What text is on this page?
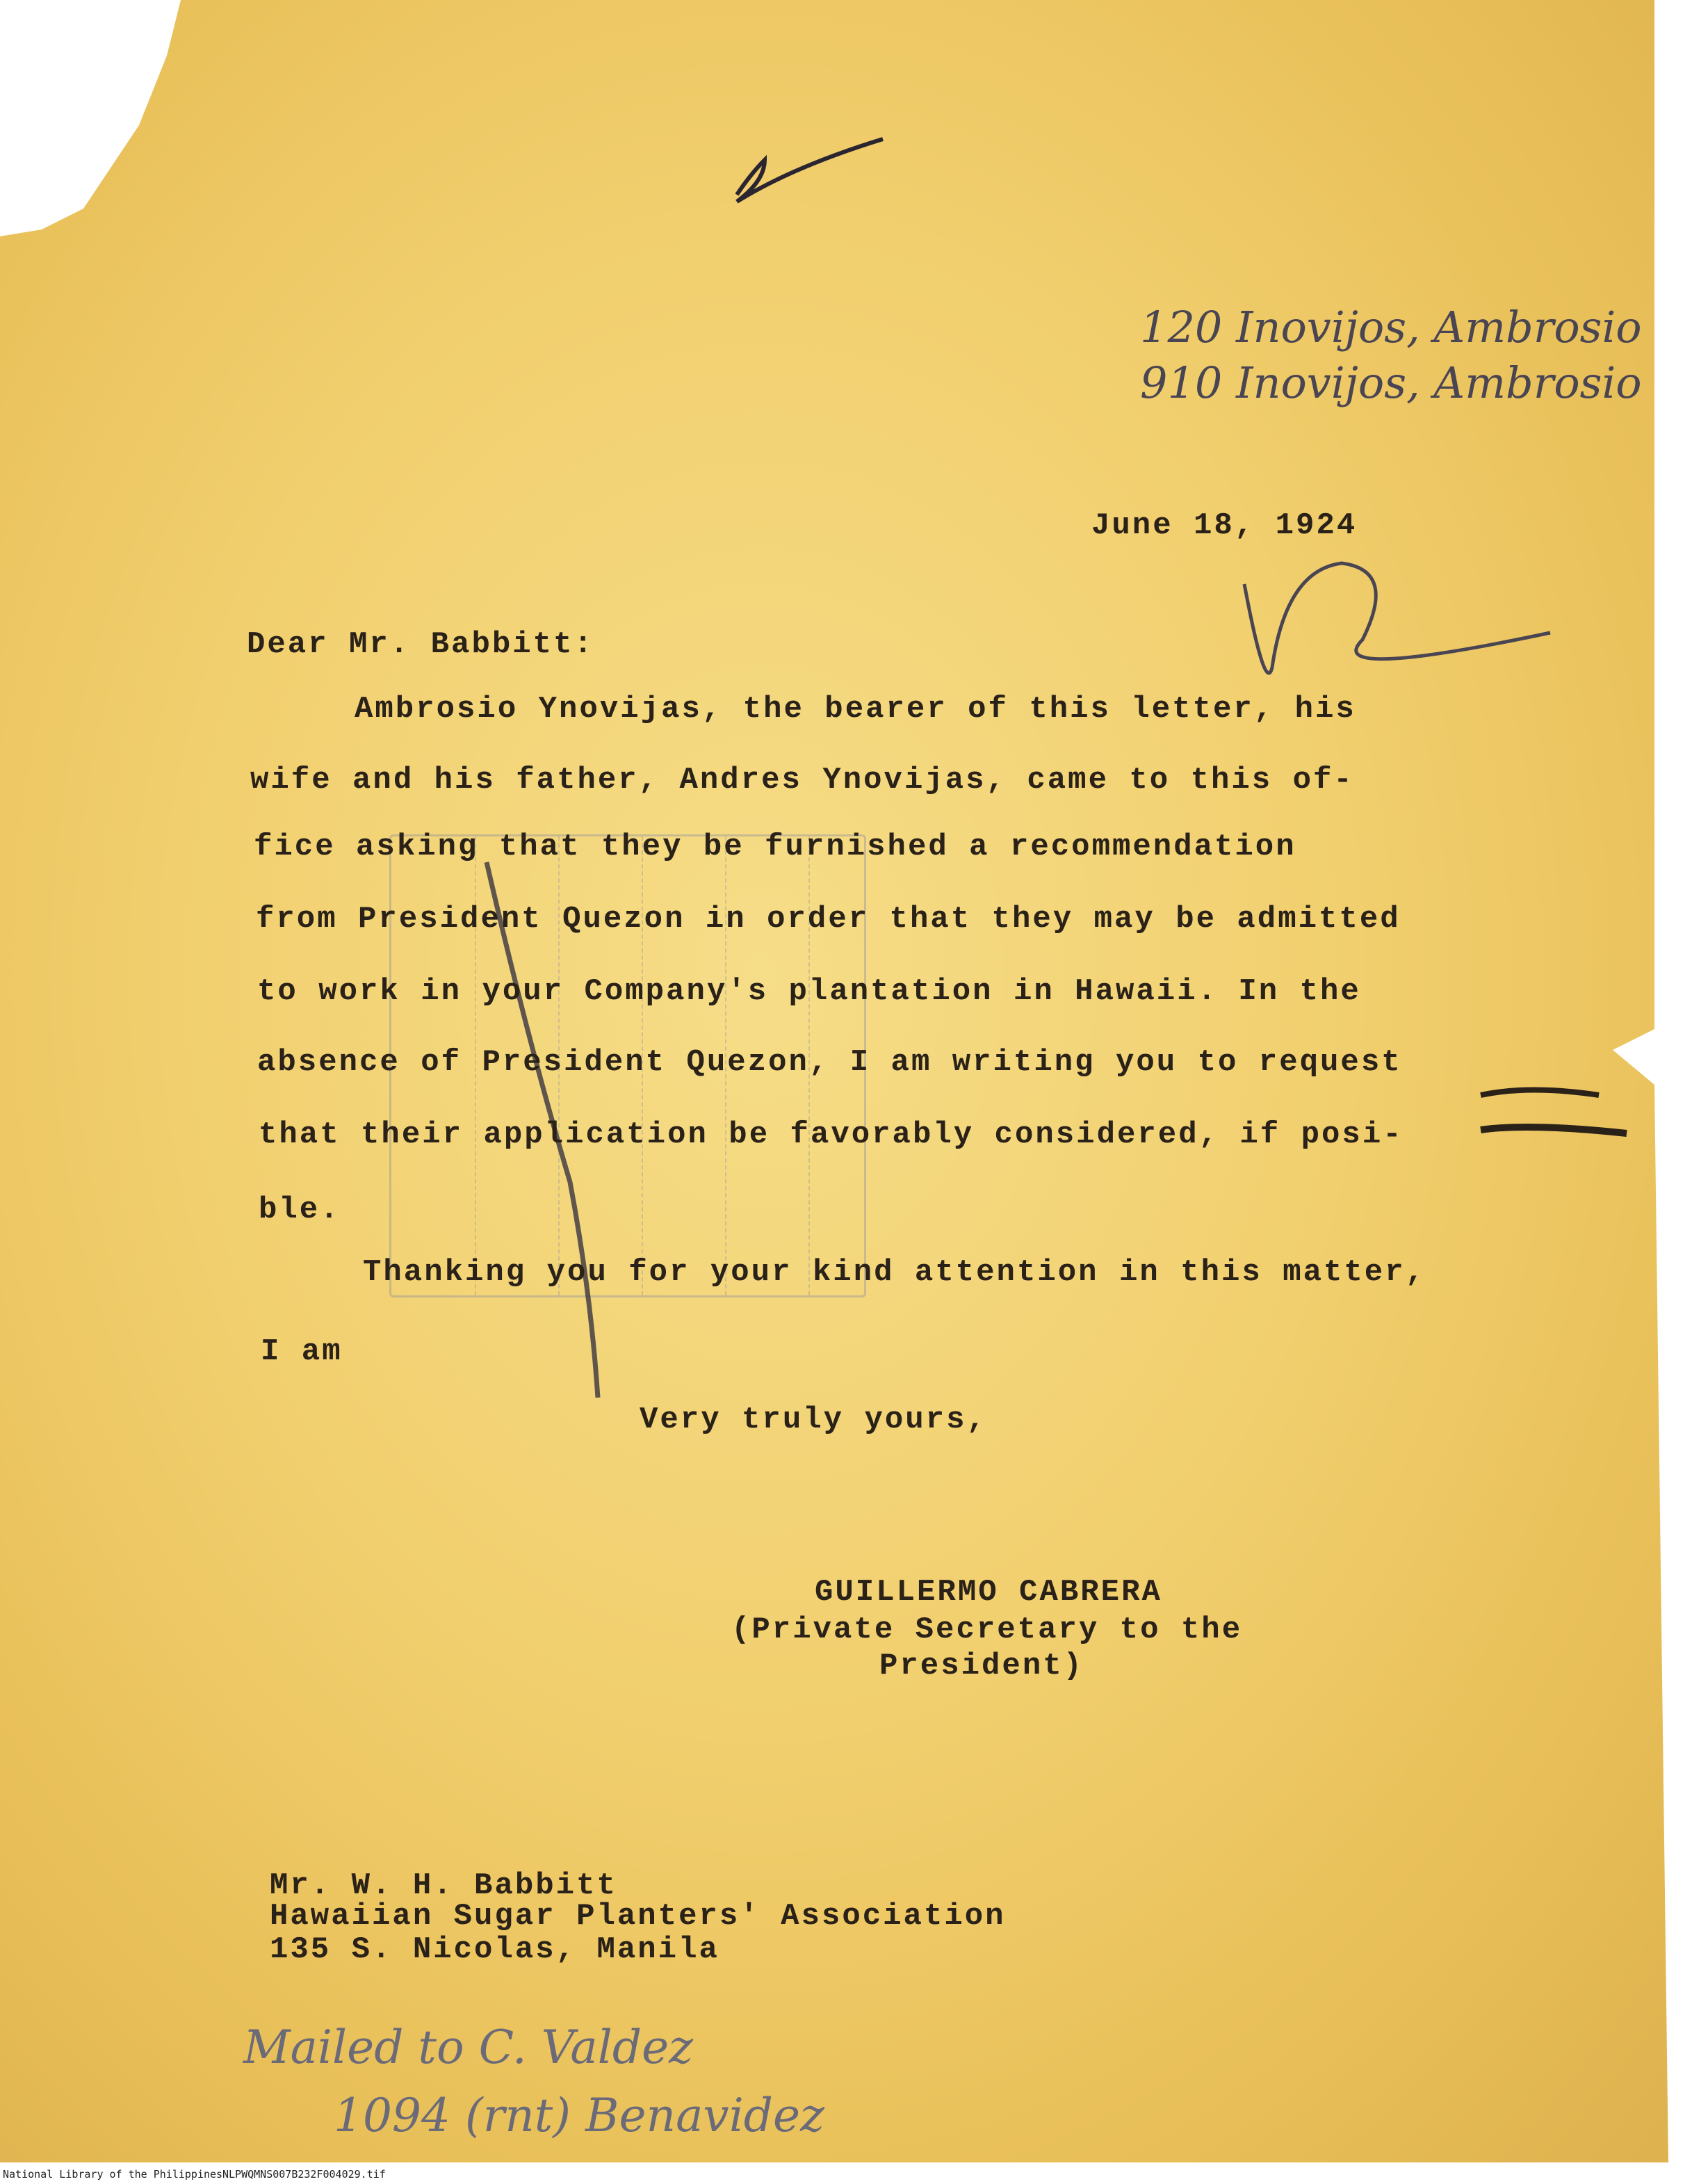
120 Inovijos, Ambrosio
910 Inovijos, Ambrosio
June 18, 1924
Dear Mr. Babbitt:
Ambrosio Ynovijas, the bearer of this letter, his
wife and his father, Andres Ynovijas, came to this of-
fice asking that they be furnished a recommendation
from President Quezon in order that they may be admitted
to work in your Company's plantation in Hawaii. In the
absence of President Quezon, I am writing you to request
that their application be favorably considered, if posi-
ble.
Thanking you for your kind attention in this matter,
I am
Very truly yours,
GUILLERMO CABRERA
(Private Secretary to the
President)
Mr. W. H. Babbitt
Hawaiian Sugar Planters' Association
135 S. Nicolas, Manila
Mailed to C. Valdez
1094 (rnt) Benavidez
National Library of the Philippines NLPWQMNS007B232F004029.tif
